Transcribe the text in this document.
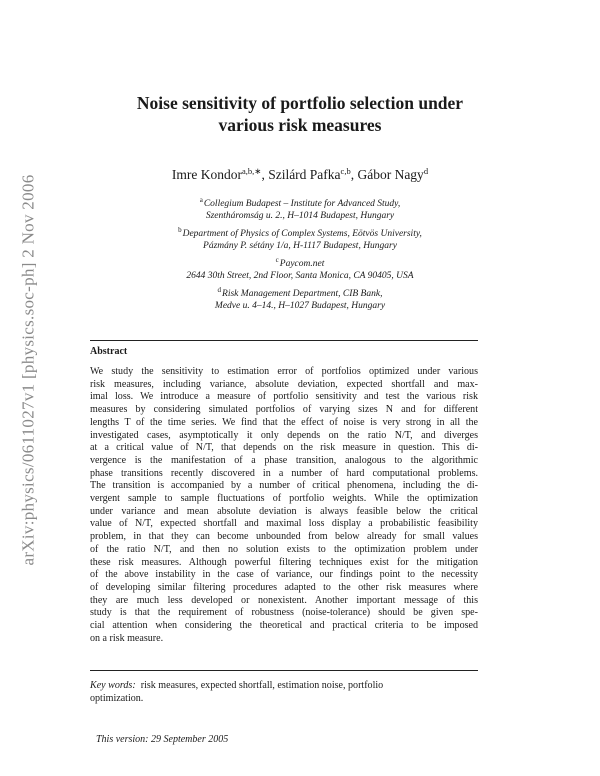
arXiv:physics/0611027v1 [physics.soc-ph] 2 Nov 2006
Noise sensitivity of portfolio selection under
various risk measures
Imre Kondor$^{a,b,∗}$, Szilárd Pafka$^{c,b}$, Gábor Nagy$^d$
$^a$Collegium Budapest – Institute for Advanced Study,
Szentháromság u. 2., H–1014 Budapest, Hungary
$^b$Department of Physics of Complex Systems, Eötvös University,
Pázmány P. sétány 1/a, H-1117 Budapest, Hungary
$^c$Paycom.net
2644 30th Street, 2nd Floor, Santa Monica, CA 90405, USA
$^d$Risk Management Department, CIB Bank,
Medve u. 4–14., H–1027 Budapest, Hungary
Abstract
We study the sensitivity to estimation error of portfolios optimized under various
risk measures, including variance, absolute deviation, expected shortfall and max-
imal loss. We introduce a measure of portfolio sensitivity and test the various risk
measures by considering simulated portfolios of varying sizes N and for different
lengths T of the time series. We find that the effect of noise is very strong in all the
investigated cases, asymptotically it only depends on the ratio N/T, and diverges
at a critical value of N/T, that depends on the risk measure in question. This di-
vergence is the manifestation of a phase transition, analogous to the algorithmic
phase transitions recently discovered in a number of hard computational problems.
The transition is accompanied by a number of critical phenomena, including the di-
vergent sample to sample fluctuations of portfolio weights. While the optimization
under variance and mean absolute deviation is always feasible below the critical
value of N/T, expected shortfall and maximal loss display a probabilistic feasibility
problem, in that they can become unbounded from below already for small values
of the ratio N/T, and then no solution exists to the optimization problem under
these risk measures. Although powerful filtering techniques exist for the mitigation
of the above instability in the case of variance, our findings point to the necessity
of developing similar filtering procedures adapted to the other risk measures where
they are much less developed or nonexistent. Another important message of this
study is that the requirement of robustness (noise-tolerance) should be given spe-
cial attention when considering the theoretical and practical criteria to be imposed
on a risk measure.
Key words: risk measures, expected shortfall, estimation noise, portfolio
optimization.
This version: 29 September 2005
